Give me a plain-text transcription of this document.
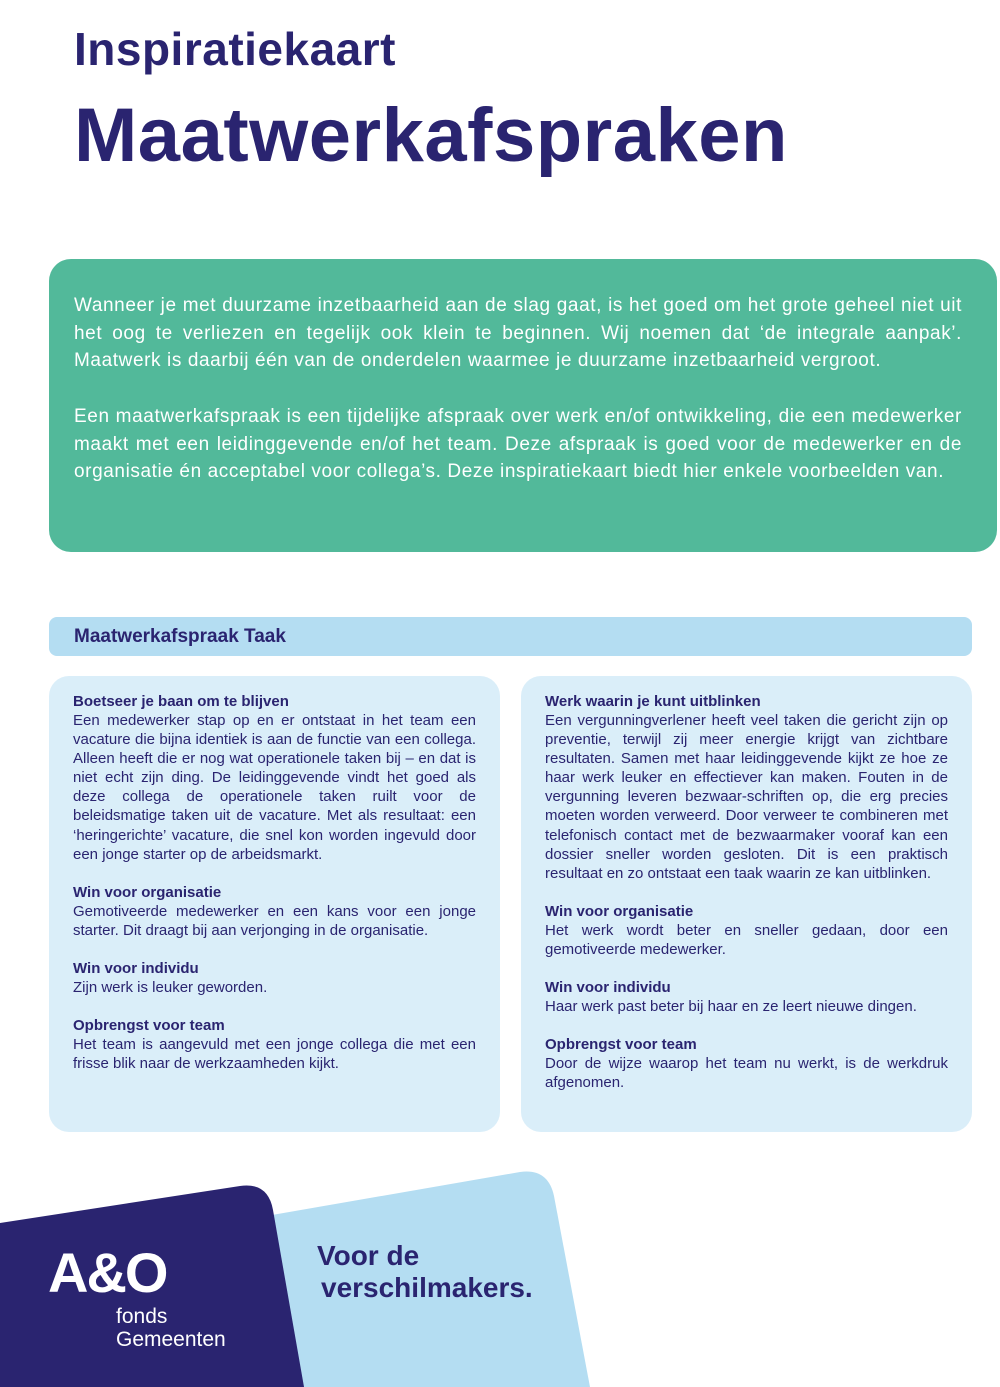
Inspiratiekaart
Maatwerkafspraken

Wanneer je met duurzame inzetbaarheid aan de slag gaat, is het goed om het grote geheel niet uit het oog te verliezen en tegelijk ook klein te beginnen. Wij noemen dat ‘de integrale aanpak’. Maatwerk is daarbij één van de onderdelen waarmee je duurzame inzetbaarheid vergroot.

Een maatwerkafspraak is een tijdelijke afspraak over werk en/of ontwikkeling, die een medewerker maakt met een leidinggevende en/of het team. Deze afspraak is goed voor de medewerker en de organisatie én acceptabel voor collega’s. Deze inspiratiekaart biedt hier enkele voorbeelden van.

Maatwerkafspraak Taak
Boetseer je baan om te blijven

Een medewerker stap op en er ontstaat in het team een vacature die bijna identiek is aan de functie van een collega. Alleen heeft die er nog wat operationele taken bij – en dat is niet echt zijn ding. De leidinggevende vindt het goed als deze collega de operationele taken ruilt voor de beleidsmatige taken uit de vacature. Met als resultaat: een ‘heringerichte’ vacature, die snel kon worden ingevuld door een jonge starter op de arbeidsmarkt.

Win voor organisatie

Gemotiveerde medewerker en een kans voor een jonge starter. Dit draagt bij aan verjonging in de organisatie.

Win voor individu

Zijn werk is leuker geworden.

Opbrengst voor team

Het team is aangevuld met een jonge collega die met een frisse blik naar de werkzaamheden kijkt.

Werk waarin je kunt uitblinken

Een vergunningverlener heeft veel taken die gericht zijn op preventie, terwijl zij meer energie krijgt van zichtbare resultaten. Samen met haar leidinggevende kijkt ze hoe ze haar werk leuker en effectiever kan maken. Fouten in de vergunning leveren bezwaar-schriften op, die erg precies moeten worden verweerd. Door verweer te combineren met telefonisch contact met de bezwaarmaker vooraf kan een dossier sneller worden gesloten. Dit is een praktisch resultaat en zo ontstaat een taak waarin ze kan uitblinken.

Win voor organisatie

Het werk wordt beter en sneller gedaan, door een gemotiveerde medewerker.

Win voor individu

Haar werk past beter bij haar en ze leert nieuwe dingen.

Opbrengst voor team

Door de wijze waarop het team nu werkt, is de werkdruk afgenomen.

A&O
fonds
Gemeenten
Voor de
verschilmakers.
